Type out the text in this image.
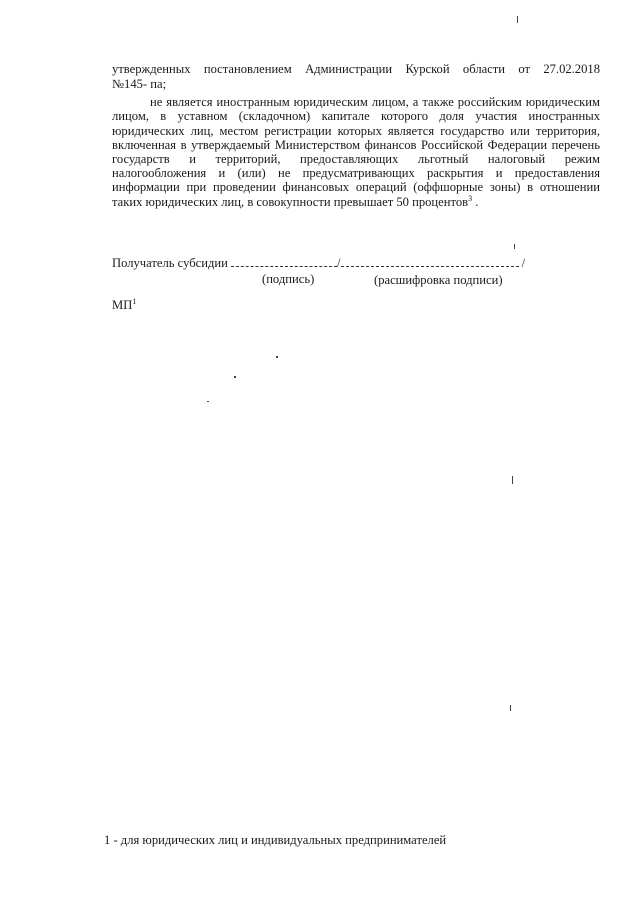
утвержденных постановлением Администрации Курской области от 27.02.2018
№145- па;
не является иностранным юридическим лицом, а также российским юридическим
лицом, в уставном (складочном) капитале которого доля участия иностранных
юридических лиц, местом регистрации которых является государство или территория,
включенная в утверждаемый Министерством финансов Российской Федерации перечень
государств и территорий, предоставляющих льготный налоговый режим
налогообложения и (или) не предусматривающих раскрытия и предоставления
информации при проведении финансовых операций (оффшорные зоны) в отношении
таких юридических лиц, в совокупности превышает 50 процентов$^3$ .
Получатель субсидии	/	/
(подпись)	(расшифровка подписи)
$МП^1$
1 - для юридических лиц и индивидуальных предпринимателей
